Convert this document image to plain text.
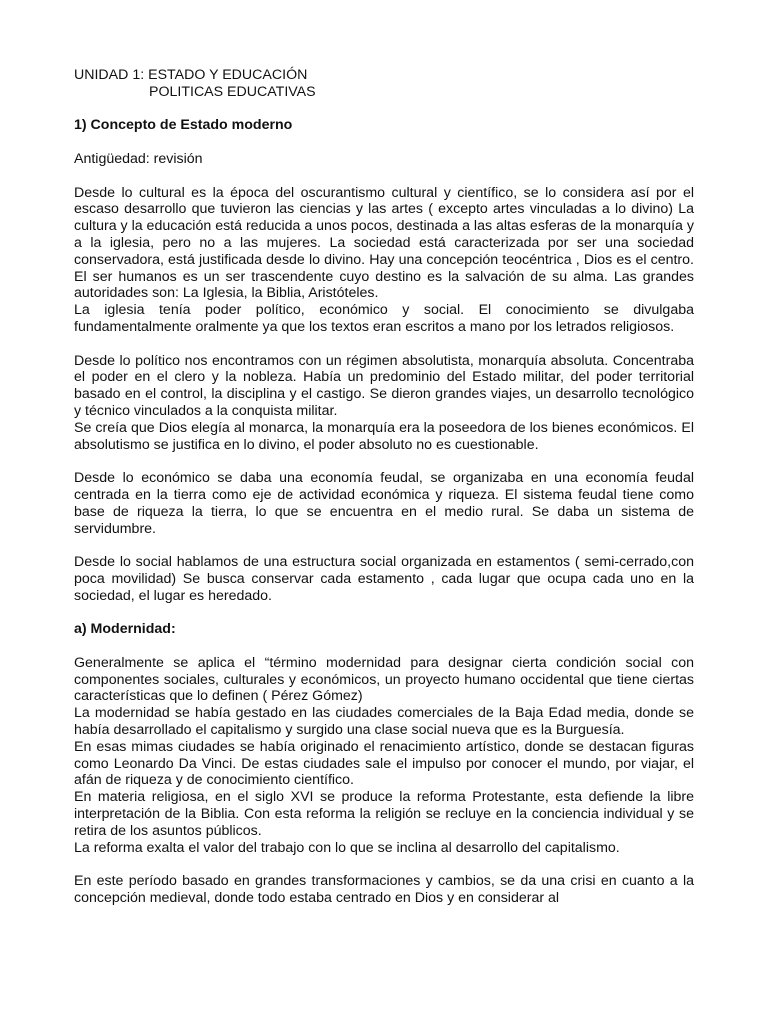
UNIDAD 1: ESTADO Y EDUCACIÓN
POLITICAS EDUCATIVAS

1) Concepto de Estado moderno

Antigüedad: revisión

Desde lo cultural es la época del oscurantismo cultural y científico, se lo considera así por el escaso desarrollo que tuvieron las ciencias y las artes ( excepto artes vinculadas a lo divino) La cultura y la educación está reducida a unos pocos, destinada a las altas esferas de la monarquía y a la iglesia, pero no a las mujeres. La sociedad está caracterizada por ser una sociedad conservadora, está justificada desde lo divino. Hay una concepción teocéntrica , Dios es el centro. El ser humanos es un ser trascendente cuyo destino es la salvación de su alma. Las grandes autoridades son: La Iglesia, la Biblia, Aristóteles.

La iglesia tenía poder político, económico y social. El conocimiento se divulgaba fundamentalmente oralmente ya que los textos eran escritos a mano por los letrados religiosos.

Desde lo político nos encontramos con un régimen absolutista, monarquía absoluta. Concentraba el poder en el clero y la nobleza. Había un predominio del Estado militar, del poder territorial basado en el control, la disciplina y el castigo. Se dieron grandes viajes, un desarrollo tecnológico y técnico vinculados a la conquista militar.

Se creía que Dios elegía al monarca, la monarquía era la poseedora de los bienes económicos. El absolutismo se justifica en lo divino, el poder absoluto no es cuestionable.

Desde lo económico se daba una economía feudal, se organizaba en una economía feudal centrada en la tierra como eje de actividad económica y riqueza. El sistema feudal tiene como base de riqueza la tierra, lo que se encuentra en el medio rural. Se daba un sistema de servidumbre.

Desde lo social hablamos de una estructura social organizada en estamentos ( semi-cerrado,con poca movilidad) Se busca conservar cada estamento , cada lugar que ocupa cada uno en la sociedad, el lugar es heredado.

a) Modernidad:

Generalmente se aplica el “término modernidad para designar cierta condición social con componentes sociales, culturales y económicos, un proyecto humano occidental que tiene ciertas características que lo definen ( Pérez Gómez)

La modernidad se había gestado en las ciudades comerciales de la Baja Edad media, donde se había desarrollado el capitalismo y surgido una clase social nueva que es la Burguesía.

En esas mimas ciudades se había originado el renacimiento artístico, donde se destacan figuras como Leonardo Da Vinci. De estas ciudades sale el impulso por conocer el mundo, por viajar, el afán de riqueza y de conocimiento científico.

En materia religiosa, en el siglo XVI se produce la reforma Protestante, esta defiende la libre interpretación de la Biblia. Con esta reforma la religión se recluye en la conciencia individual y se retira de los asuntos públicos.

La reforma exalta el valor del trabajo con lo que se inclina al desarrollo del capitalismo.

En este período basado en grandes transformaciones y cambios, se da una crisi en cuanto a la concepción medieval, donde todo estaba centrado en Dios y en considerar al
